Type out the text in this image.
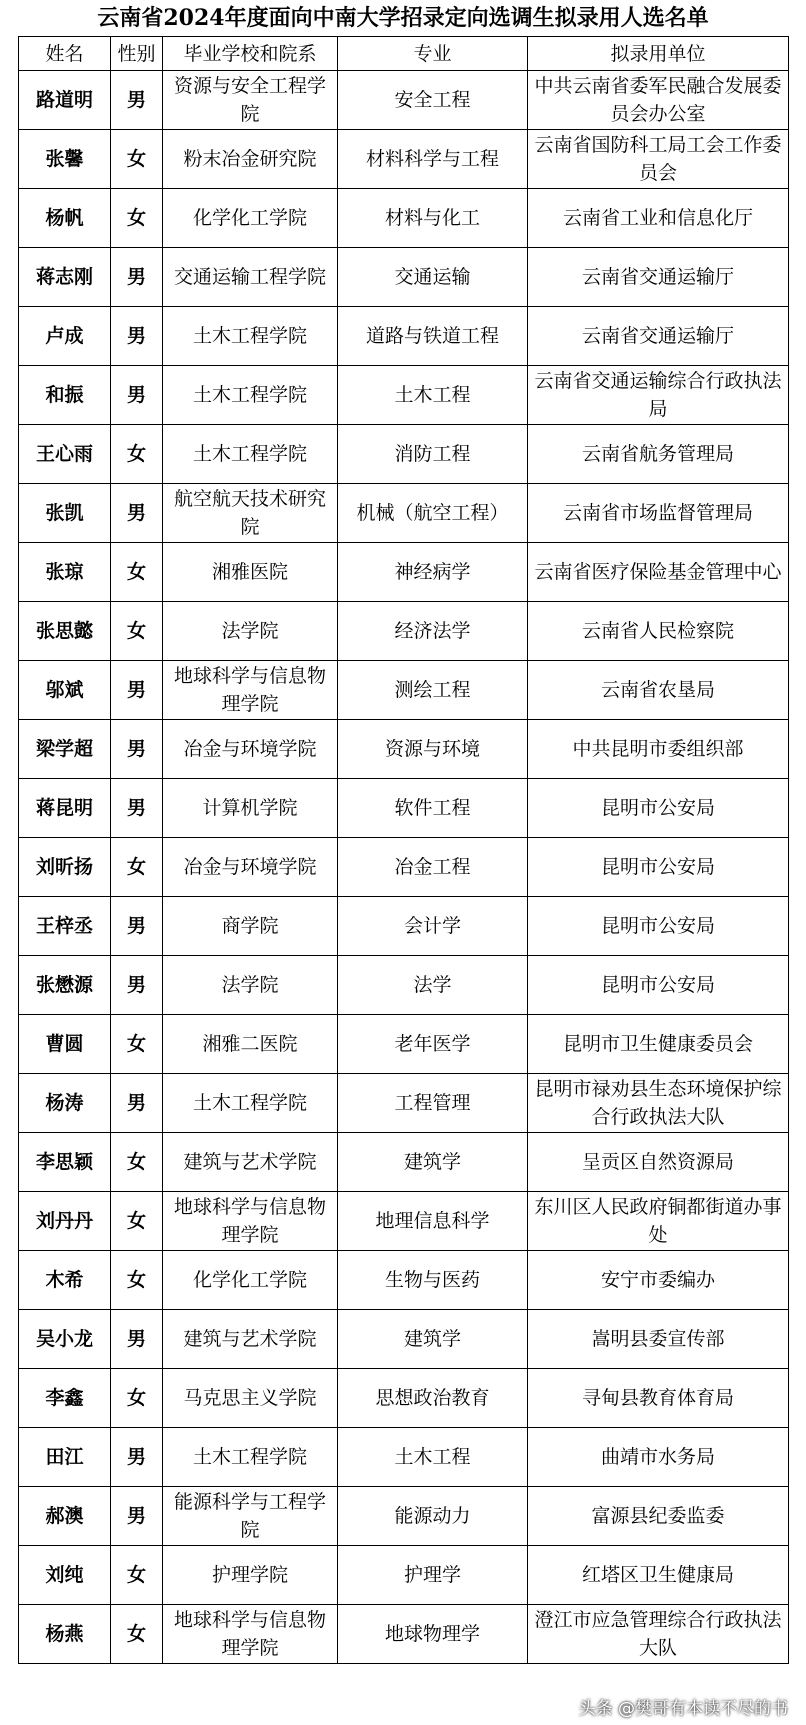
云南省2024年度面向中南大学招录定向选调生拟录用人选名单
姓名	性别	毕业学校和院系	专业	拟录用单位
路道明	男	资源与安全工程学院	安全工程	中共云南省委军民融合发展委员会办公室
张馨	女	粉末冶金研究院	材料科学与工程	云南省国防科工局工会工作委员会
杨帆	女	化学化工学院	材料与化工	云南省工业和信息化厅
蒋志刚	男	交通运输工程学院	交通运输	云南省交通运输厅
卢成	男	土木工程学院	道路与铁道工程	云南省交通运输厅
和振	男	土木工程学院	土木工程	云南省交通运输综合行政执法局
王心雨	女	土木工程学院	消防工程	云南省航务管理局
张凯	男	航空航天技术研究院	机械（航空工程）	云南省市场监督管理局
张琼	女	湘雅医院	神经病学	云南省医疗保险基金管理中心
张思懿	女	法学院	经济法学	云南省人民检察院
邬斌	男	地球科学与信息物理学院	测绘工程	云南省农垦局
梁学超	男	冶金与环境学院	资源与环境	中共昆明市委组织部
蒋昆明	男	计算机学院	软件工程	昆明市公安局
刘昕扬	女	冶金与环境学院	冶金工程	昆明市公安局
王梓丞	男	商学院	会计学	昆明市公安局
张懋源	男	法学院	法学	昆明市公安局
曹圆	女	湘雅二医院	老年医学	昆明市卫生健康委员会
杨涛	男	土木工程学院	工程管理	昆明市禄劝县生态环境保护综合行政执法大队
李思颖	女	建筑与艺术学院	建筑学	呈贡区自然资源局
刘丹丹	女	地球科学与信息物理学院	地理信息科学	东川区人民政府铜都街道办事处
木希	女	化学化工学院	生物与医药	安宁市委编办
吴小龙	男	建筑与艺术学院	建筑学	嵩明县委宣传部
李鑫	女	马克思主义学院	思想政治教育	寻甸县教育体育局
田江	男	土木工程学院	土木工程	曲靖市水务局
郝澳	男	能源科学与工程学院	能源动力	富源县纪委监委
刘纯	女	护理学院	护理学	红塔区卫生健康局
杨燕	女	地球科学与信息物理学院	地球物理学	澄江市应急管理综合行政执法大队
头条 @樊哥有本读不尽的书
